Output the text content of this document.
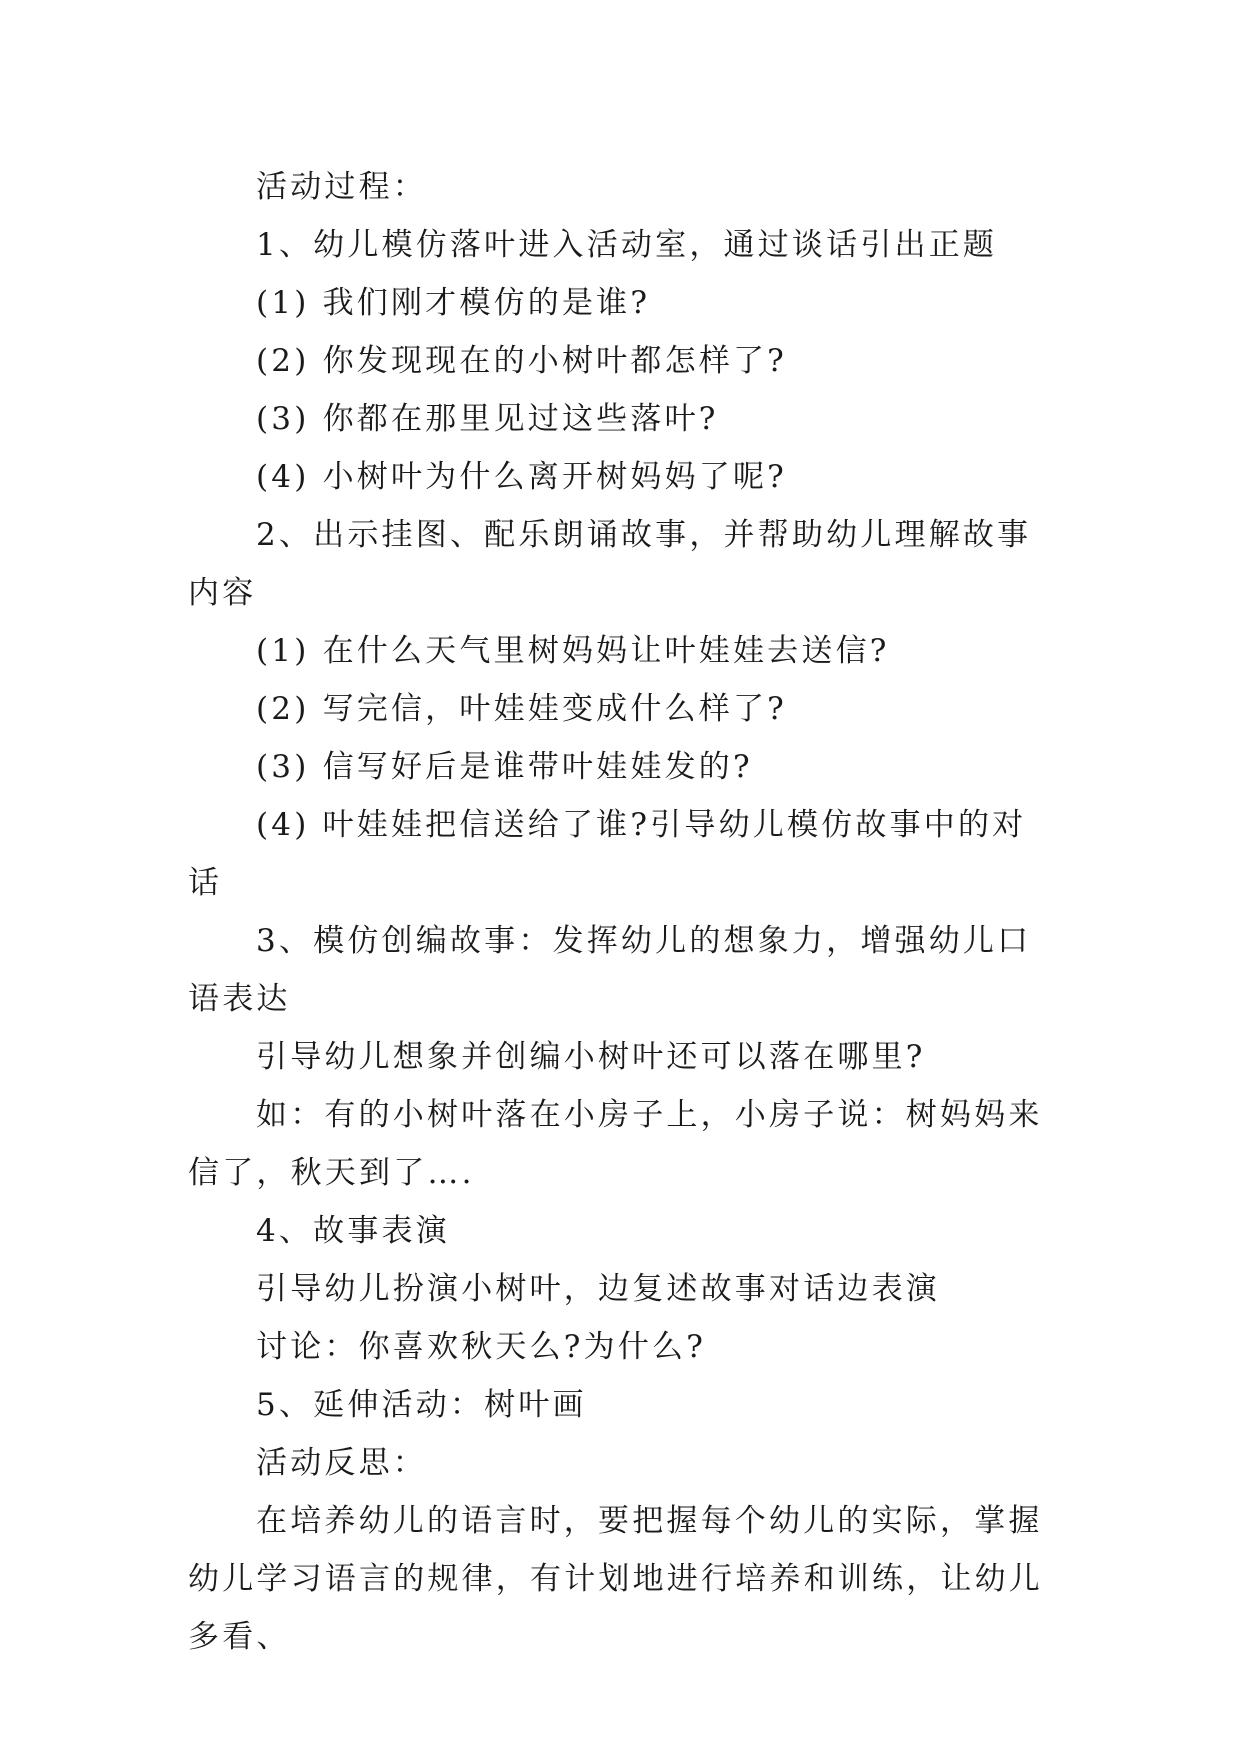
活动过程：

1、幼儿模仿落叶进入活动室，通过谈话引出正题

(1) 我们刚才模仿的是谁?

(2) 你发现现在的小树叶都怎样了?

(3) 你都在那里见过这些落叶?

(4) 小树叶为什么离开树妈妈了呢?

2、出示挂图、配乐朗诵故事，并帮助幼儿理解故事内容

(1) 在什么天气里树妈妈让叶娃娃去送信?

(2) 写完信，叶娃娃变成什么样了?

(3) 信写好后是谁带叶娃娃发的?

(4) 叶娃娃把信送给了谁?引导幼儿模仿故事中的对话

3、模仿创编故事：发挥幼儿的想象力，增强幼儿口语表达

引导幼儿想象并创编小树叶还可以落在哪里?

如：有的小树叶落在小房子上，小房子说：树妈妈来信了，秋天到了….

4、故事表演

引导幼儿扮演小树叶，边复述故事对话边表演

讨论：你喜欢秋天么?为什么?

5、延伸活动：树叶画

活动反思：

在培养幼儿的语言时，要把握每个幼儿的实际，掌握幼儿学习语言的规律，有计划地进行培养和训练，让幼儿多看、
